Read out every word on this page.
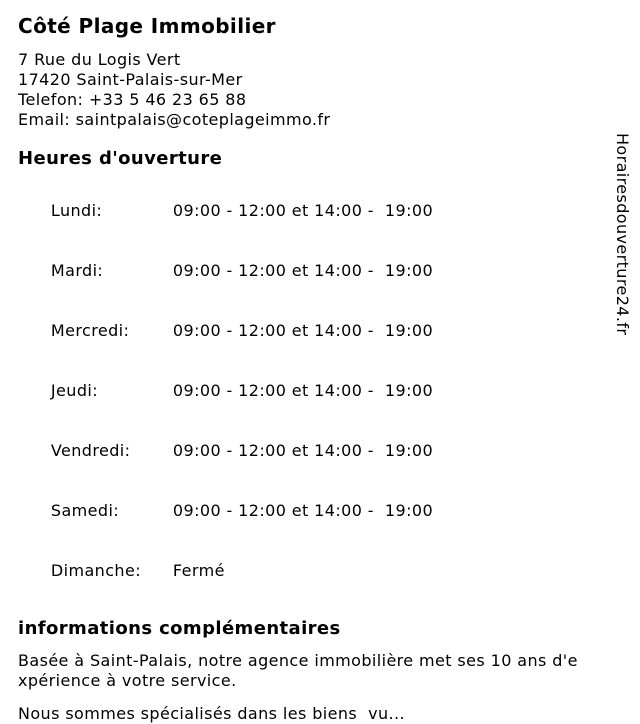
Côté Plage Immobilier
7 Rue du Logis Vert
17420 Saint-Palais-sur-Mer
Telefon: +33 5 46 23 65 88
Email: saintpalais@coteplageimmo.fr
Heures d'ouverture

Lundi:	09:00 - 12:00 et 14:00 -  19:00

Mardi:	09:00 - 12:00 et 14:00 -  19:00

Mercredi:	09:00 - 12:00 et 14:00 -  19:00

Jeudi:	09:00 - 12:00 et 14:00 -  19:00

Vendredi:	09:00 - 12:00 et 14:00 -  19:00

Samedi:	09:00 - 12:00 et 14:00 -  19:00

Dimanche: Fermé

informations complémentaires
Basée à Saint-Palais, notre agence immobilière met ses 10 ans d'e
xpérience à votre service.
Nous sommes spécialisés dans les biens  vu...
Horairesdouverture24.fr
